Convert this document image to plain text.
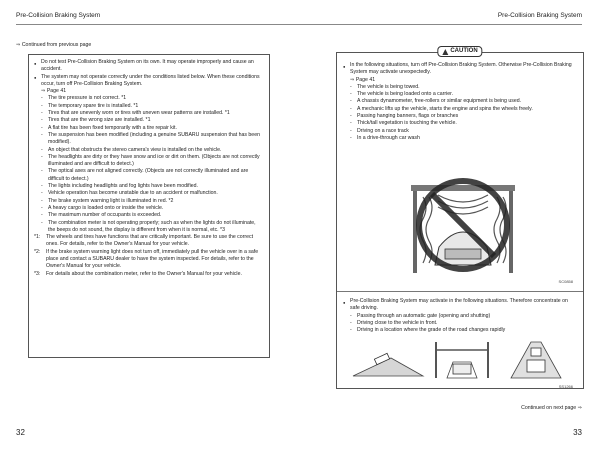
Pre-Collision Braking System	Pre-Collision Braking System
⇒ Continued from previous page
● Do not test Pre-Collision Braking System on its own. It may operate improperly and cause an accident.
● The system may not operate correctly under the conditions listed below. When these conditions occur, turn off Pre-Collision Braking System.
⇒ Page 41
- The tire pressure is not correct. *1
- The temporary spare tire is installed. *1
- Tires that are unevenly worn or tires with uneven wear patterns are installed. *1
- Tires that are the wrong size are installed. *1
- A flat tire has been fixed temporarily with a tire repair kit.
- The suspension has been modified (including a genuine SUBARU suspension that has been modified).
- An object that obstructs the stereo camera's view is installed on the vehicle.
- The headlights are dirty or they have snow and ice or dirt on them. (Objects are not correctly illuminated and are difficult to detect.)
- The optical axes are not aligned correctly. (Objects are not correctly illuminated and are difficult to detect.)
- The lights including headlights and fog lights have been modified.
- Vehicle operation has become unstable due to an accident or malfunction.
- The brake system warning light is illuminated in red. *2
- A heavy cargo is loaded onto or inside the vehicle.
- The maximum number of occupants is exceeded.
- The combination meter is not operating properly; such as when the lights do not illuminate, the beeps do not sound, the display is different from when it is normal, etc. *3
*1: The wheels and tires have functions that are critically important. Be sure to use the correct ones. For details, refer to the Owner's Manual for your vehicle.
*2: If the brake system warning light does not turn off, immediately pull the vehicle over in a safe place and contact a SUBARU dealer to have the system inspected. For details, refer to the Owner's Manual for your vehicle.
*3: For details about the combination meter, refer to the Owner's Manual for your vehicle.
CAUTION
● In the following situations, turn off Pre-Collision Braking System. Otherwise Pre-Collision Braking System may activate unexpectedly.
⇒ Page 41
- The vehicle is being towed.
- The vehicle is being loaded onto a carrier.
- A chassis dynamometer, free-rollers or similar equipment is being used.
- A mechanic lifts up the vehicle, starts the engine and spins the wheels freely.
- Passing hanging banners, flags or branches
- Thick/tall vegetation is touching the vehicle.
- Driving on a race track
- In a drive-through car wash
SC0858
● Pre-Collision Braking System may activate in the following situations. Therefore concentrate on safe driving.
- Passing through an automatic gate (opening and shutting)
- Driving close to the vehicle in front.
- Driving in a location where the grade of the road changes rapidly
SS1266
Continued on next page ⇒
32	33
